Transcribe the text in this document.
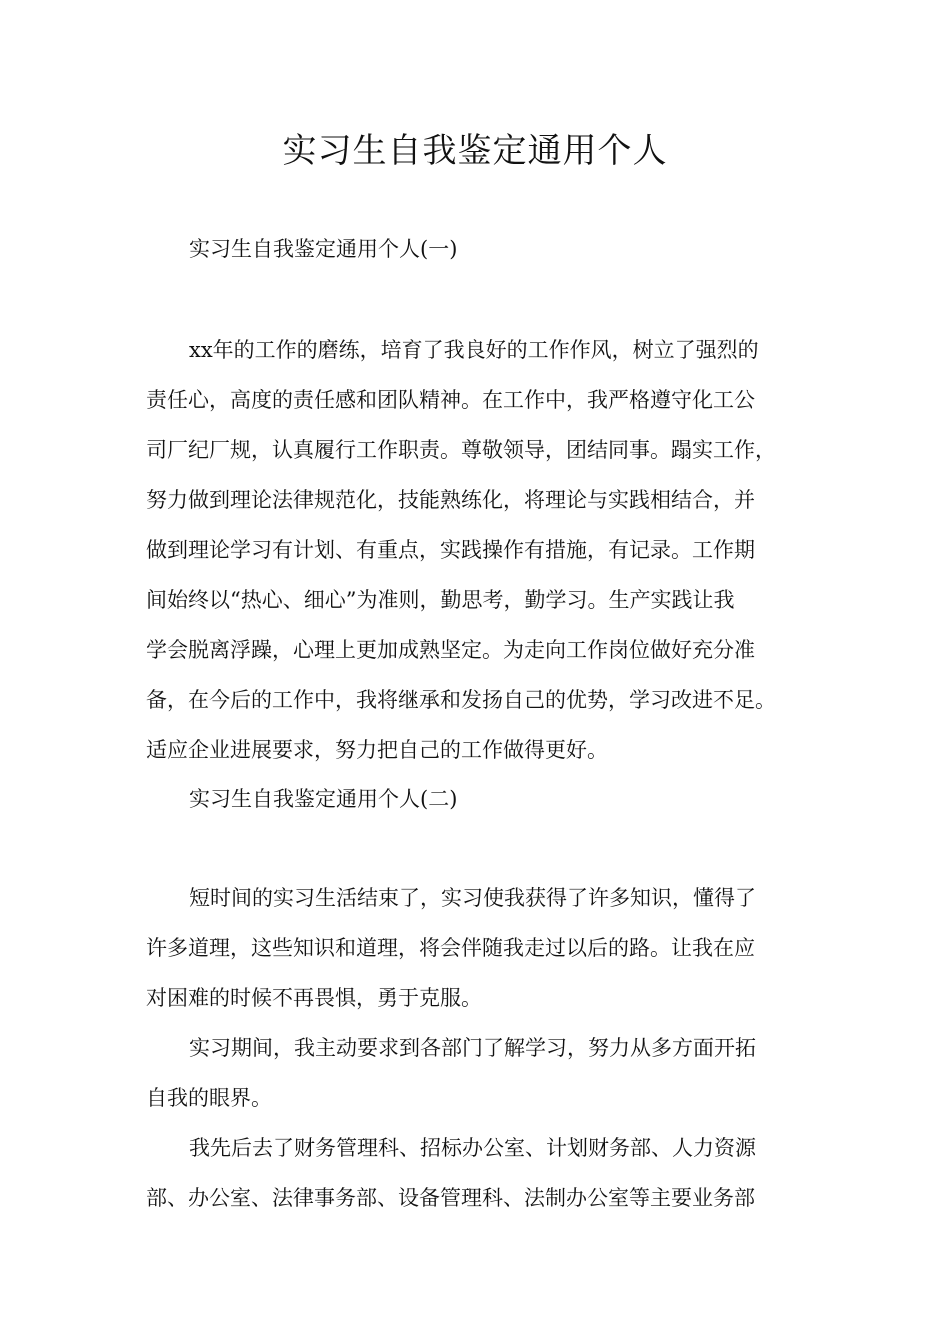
实习生自我鉴定通用个人
实习生自我鉴定通用个人(一)
xx年的工作的磨练，培育了我良好的工作作风，树立了强烈的
责任心，高度的责任感和团队精神。在工作中，我严格遵守化工公
司厂纪厂规，认真履行工作职责。尊敬领导，团结同事。蹋实工作，
努力做到理论法律规范化，技能熟练化，将理论与实践相结合，并
做到理论学习有计划、有重点，实践操作有措施，有记录。工作期
间始终以“热心、细心”为准则，勤思考，勤学习。生产实践让我
学会脱离浮躁，心理上更加成熟坚定。为走向工作岗位做好充分准
备，在今后的工作中，我将继承和发扬自己的优势，学习改进不足。
适应企业进展要求，努力把自己的工作做得更好。
实习生自我鉴定通用个人(二)
短时间的实习生活结束了，实习使我获得了许多知识，懂得了
许多道理，这些知识和道理，将会伴随我走过以后的路。让我在应
对困难的时候不再畏惧，勇于克服。
实习期间，我主动要求到各部门了解学习，努力从多方面开拓
自我的眼界。
我先后去了财务管理科、招标办公室、计划财务部、人力资源
部、办公室、法律事务部、设备管理科、法制办公室等主要业务部
